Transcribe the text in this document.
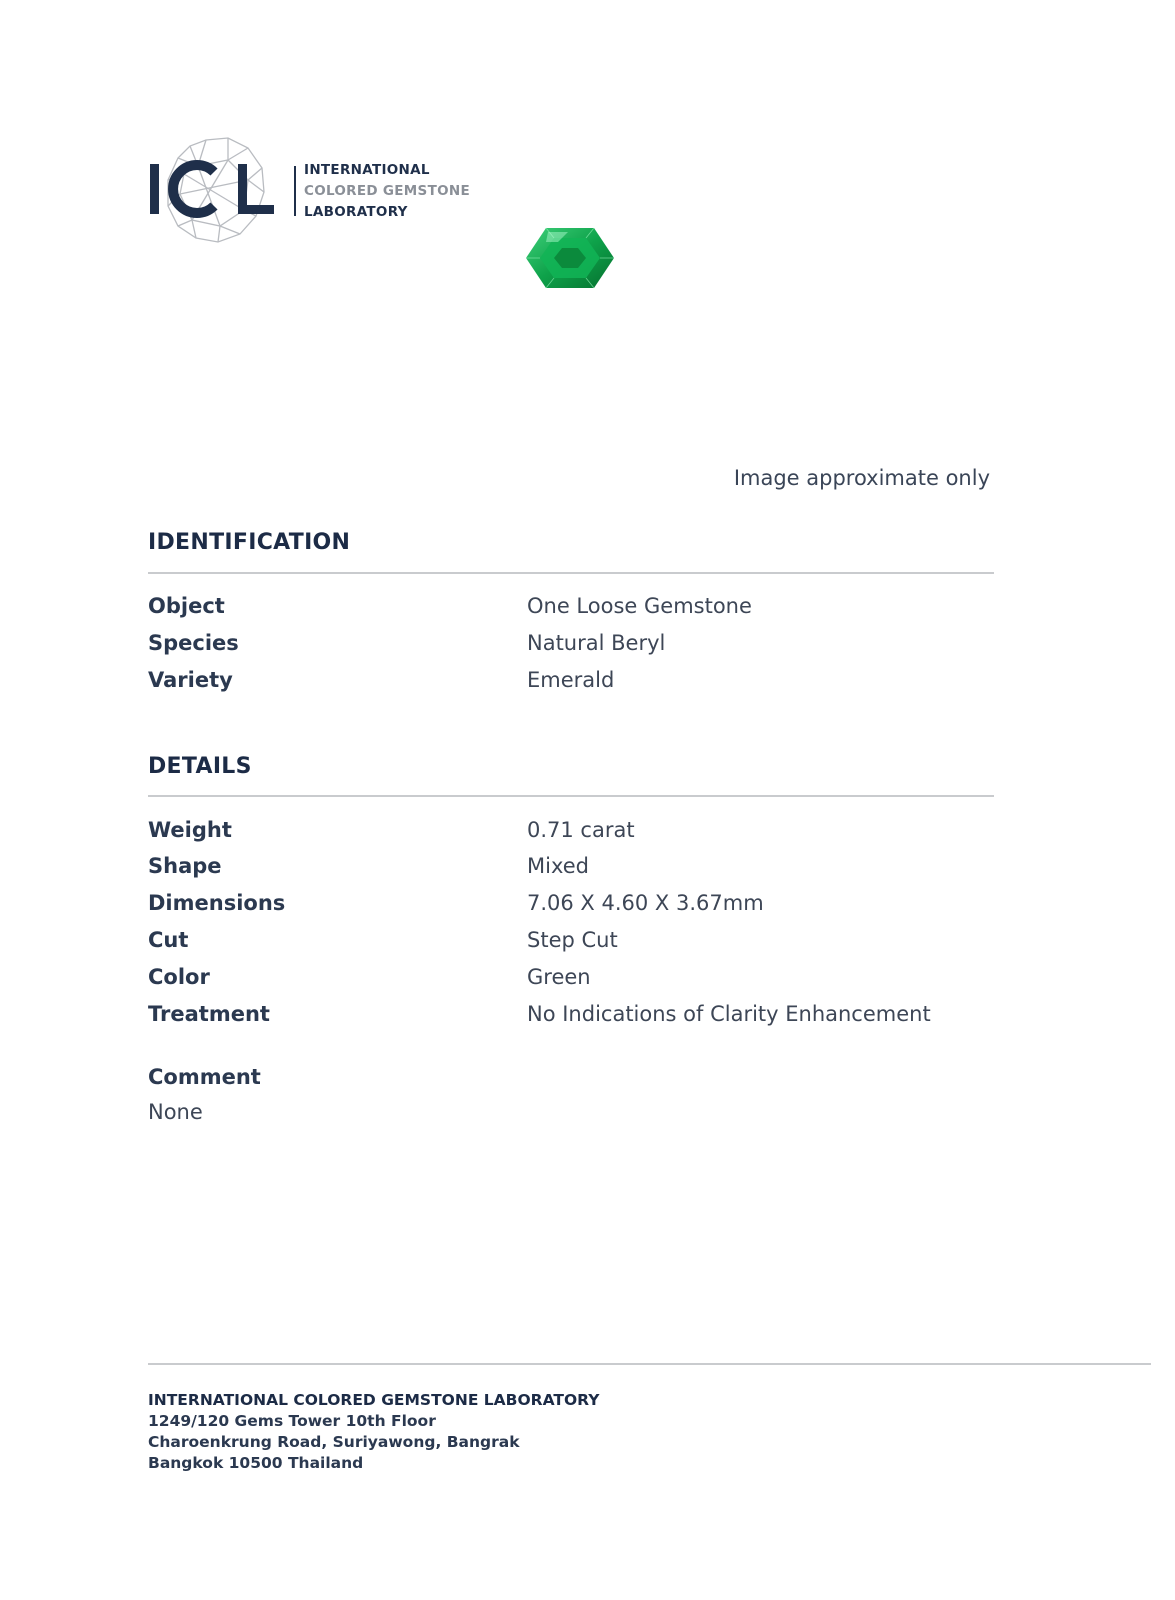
INTERNATIONAL
COLORED GEMSTONE
LABORATORY
Image approximate only
IDENTIFICATION
Object	One Loose Gemstone
Species	Natural Beryl
Variety	Emerald
DETAILS
Weight	0.71 carat
Shape	Mixed
Dimensions	7.06 X 4.60 X 3.67mm
Cut	Step Cut
Color	Green
Treatment	No Indications of Clarity Enhancement
Comment
None
INTERNATIONAL COLORED GEMSTONE LABORATORY
1249/120 Gems Tower 10th Floor
Charoenkrung Road, Suriyawong, Bangrak
Bangkok 10500 Thailand
